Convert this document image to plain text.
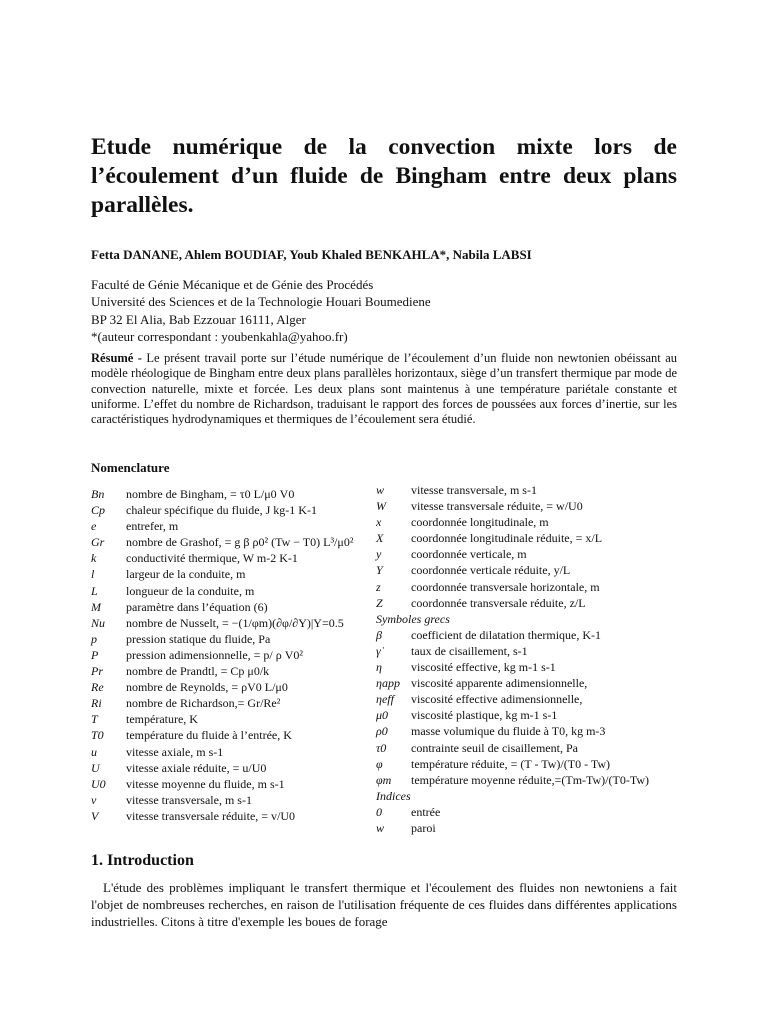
Etude numérique de la convection mixte lors de l’écoulement d’un fluide de Bingham entre deux plans parallèles.
Fetta DANANE, Ahlem BOUDIAF, Youb Khaled BENKAHLA*, Nabila LABSI
Faculté de Génie Mécanique et de Génie des Procédés
Université des Sciences et de la Technologie Houari Boumediene
BP 32 El Alia, Bab Ezzouar 16111, Alger
*(auteur correspondant : youbenkahla@yahoo.fr)

Résumé - Le présent travail porte sur l’étude numérique de l’écoulement d’un fluide non newtonien obéissant au modèle rhéologique de Bingham entre deux plans parallèles horizontaux, siège d’un transfert thermique par mode de convection naturelle, mixte et forcée. Les deux plans sont maintenus à une température pariétale constante et uniforme. L’effet du nombre de Richardson, traduisant le rapport des forces de poussées aux forces d’inertie, sur les caractéristiques hydrodynamiques et thermiques de l’écoulement sera étudié.

Nomenclature
Bn nombre de Bingham, = τ0 L/μ0 V0
Cp chaleur spécifique du fluide, J kg-1 K-1
e entrefer, m
Gr nombre de Grashof, = g β ρ0² (Tw − T0) L³/μ0²
k conductivité thermique, W m-2 K-1
l	largeur de la conduite, m
L longueur de la conduite, m
M paramètre dans l’équation (6)
Nu nombre de Nusselt, = −(1/φm)(∂φ/∂Y)|Y=0.5
p pression statique du fluide, Pa
P pression adimensionnelle, = p/ ρ V0²
Pr nombre de Prandtl, = Cp μ0/k
Re nombre de Reynolds, = ρV0 L/μ0
Ri nombre de Richardson,= Gr/Re²
T température, K
T0 température du fluide à l’entrée, K
u vitesse axiale, m s-1
U vitesse axiale réduite, = u/U0
U0 vitesse moyenne du fluide, m s-1
v vitesse transversale, m s-1
V vitesse transversale réduite, = v/U0
w vitesse transversale, m s-1
W vitesse transversale réduite, = w/U0
x coordonnée longitudinale, m
X coordonnée longitudinale réduite, = x/L
y coordonnée verticale, m
Y coordonnée verticale réduite, y/L
z	coordonnée transversale horizontale, m
Z coordonnée transversale réduite, z/L
Symboles grecs
β coefficient de dilatation thermique, K-1
γ̇	taux de cisaillement, s-1
η viscosité effective, kg m-1 s-1
ηapp viscosité apparente adimensionnelle,
ηeff viscosité effective adimensionnelle,
μ0 viscosité plastique, kg m-1 s-1
ρ0 masse volumique du fluide à T0, kg m-3
τ0 contrainte seuil de cisaillement, Pa
φ température réduite, = (T - Tw)/(T0 - Tw)
φm température moyenne réduite,=(Tm-Tw)/(T0-Tw)
Indices
0 entrée
w paroi
1. Introduction

L'étude des problèmes impliquant le transfert thermique et l'écoulement des fluides non newtoniens a fait l'objet de nombreuses recherches, en raison de l'utilisation fréquente de ces fluides dans différentes applications industrielles. Citons à titre d'exemple les boues de forage
